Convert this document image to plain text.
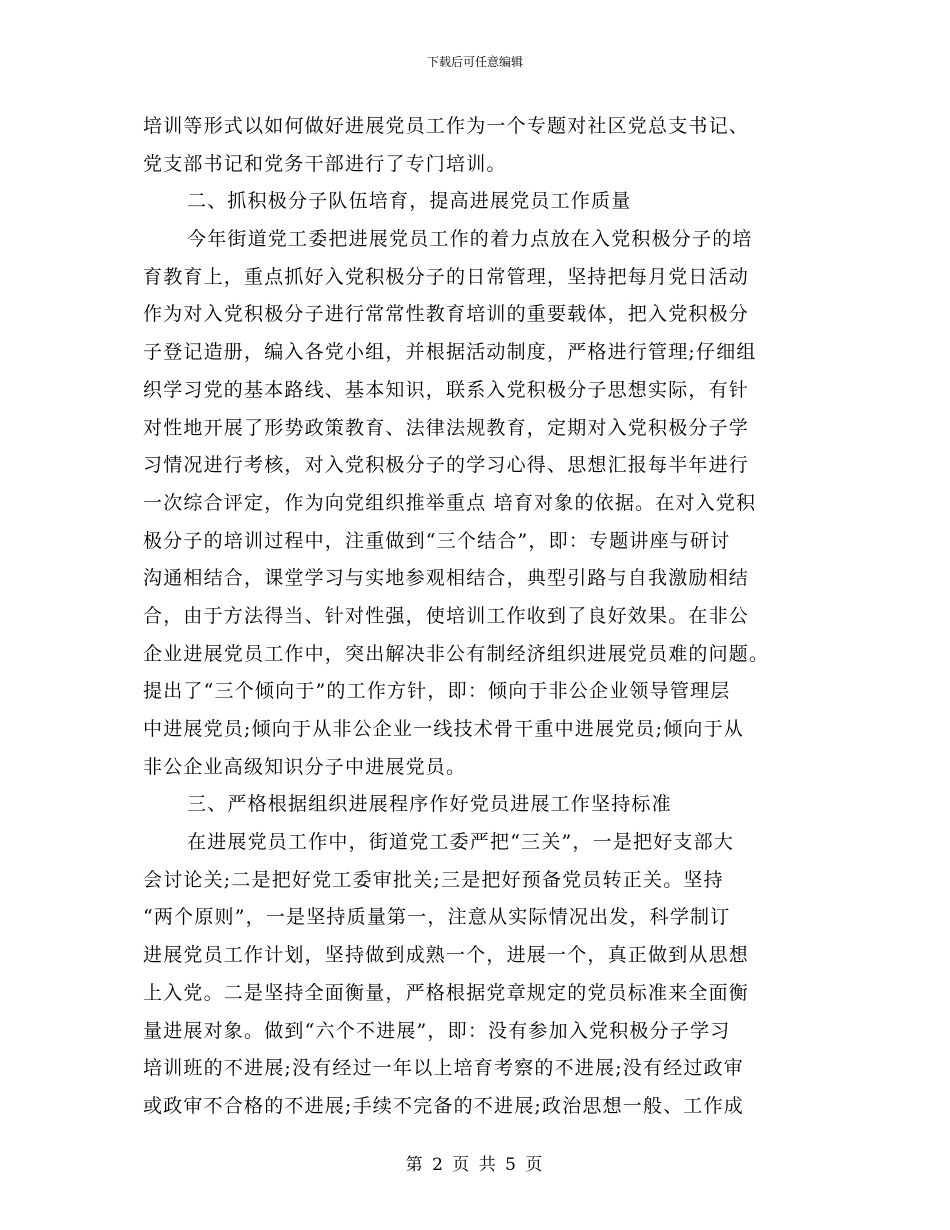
下载后可任意编辑
培训等形式以如何做好进展党员工作为一个专题对社区党总支书记、
党支部书记和党务干部进行了专门培训。
二、抓积极分子队伍培育，提高进展党员工作质量
今年街道党工委把进展党员工作的着力点放在入党积极分子的培
育教育上，重点抓好入党积极分子的日常管理，坚持把每月党日活动
作为对入党积极分子进行常常性教育培训的重要载体，把入党积极分
子登记造册，编入各党小组，并根据活动制度，严格进行管理;仔细组
织学习党的基本路线、基本知识，联系入党积极分子思想实际，有针
对性地开展了形势政策教育、法律法规教育，定期对入党积极分子学
习情况进行考核，对入党积极分子的学习心得、思想汇报每半年进行
一次综合评定，作为向党组织推举重点 培育对象的依据。在对入党积
极分子的培训过程中，注重做到“三个结合”，即：专题讲座与研讨
沟通相结合，课堂学习与实地参观相结合，典型引路与自我激励相结
合，由于方法得当、针对性强，使培训工作收到了良好效果。在非公
企业进展党员工作中，突出解决非公有制经济组织进展党员难的问题。
提出了“三个倾向于”的工作方针，即：倾向于非公企业领导管理层
中进展党员;倾向于从非公企业一线技术骨干重中进展党员;倾向于从
非公企业高级知识分子中进展党员。
三、严格根据组织进展程序作好党员进展工作坚持标准
在进展党员工作中，街道党工委严把“三关”，一是把好支部大
会讨论关;二是把好党工委审批关;三是把好预备党员转正关。坚持
“两个原则”，一是坚持质量第一，注意从实际情况出发，科学制订
进展党员工作计划，坚持做到成熟一个，进展一个，真正做到从思想
上入党。二是坚持全面衡量，严格根据党章规定的党员标准来全面衡
量进展对象。做到“六个不进展”，即：没有参加入党积极分子学习
培训班的不进展;没有经过一年以上培育考察的不进展;没有经过政审
或政审不合格的不进展;手续不完备的不进展;政治思想一般、工作成
第 2 页 共 5 页
